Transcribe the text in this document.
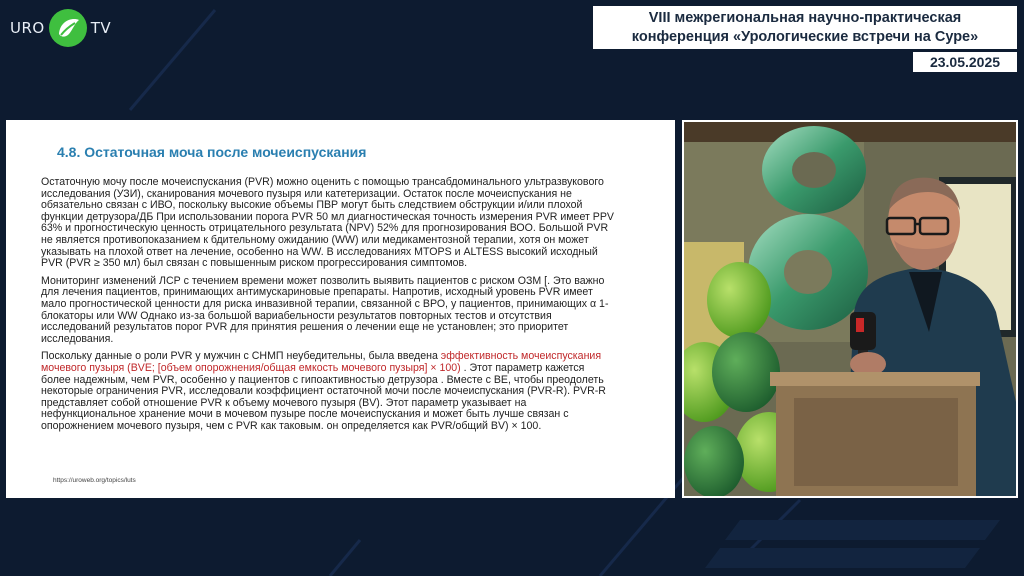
URO	TV
VIII межрегиональная научно-практическая
конференция «Урологические встречи на Суре»
23.05.2025
4.8. Остаточная моча после мочеиспускания

Остаточную мочу после мочеиспускания (PVR) можно оценить с помощью трансабдоминального ультразвукового исследования (УЗИ), сканирования мочевого пузыря или катетеризации. Остаток после мочеиспускания не обязательно связан с ИВО, поскольку высокие объемы ПВР могут быть следствием обструкции и/или плохой функции детрузора/ДБ При использовании порога PVR 50 мл диагностическая точность измерения PVR имеет PPV 63% и прогностическую ценность отрицательного результата (NPV) 52% для прогнозирования ВОО. Большой PVR не является противопоказанием к бдительному ожиданию (WW) или медикаментозной терапии, хотя он может указывать на плохой ответ на лечение, особенно на WW. В исследованиях MTOPS и ALTESS высокий исходный PVR (PVR ≥ 350 мл) был связан с повышенным риском прогрессирования симптомов.

Мониторинг изменений ЛСР с течением времени может позволить выявить пациентов с риском ОЗМ [. Это важно для лечения пациентов, принимающих антимускариновые препараты. Напротив, исходный уровень PVR имеет мало прогностической ценности для риска инвазивной терапии, связанной с ВРО, у пациентов, принимающих α 1-блокаторы или WW Однако из-за большой вариабельности результатов повторных тестов и отсутствия исследований результатов порог PVR для принятия решения о лечении еще не установлен; это приоритет исследования.

Поскольку данные о роли PVR у мужчин с СНМП неубедительны, была введена эффективность мочеиспускания мочевого пузыря (BVE; [объем опорожнения/общая емкость мочевого пузыря] × 100) . Этот параметр кажется более надежным, чем PVR, особенно у пациентов с гипоактивностью детрузора . Вместе с BE, чтобы преодолеть некоторые ограничения PVR, исследовали коэффициент остаточной мочи после мочеиспускания (PVR-R). PVR-R представляет собой отношение PVR к объему мочевого пузыря (BV). Этот параметр указывает на нефункциональное хранение мочи в мочевом пузыре после мочеиспускания и может быть лучше связан с опорожнением мочевого пузыря, чем с PVR как таковым. он определяется как PVR/общий BV) × 100.

https://uroweb.org/topics/luts
